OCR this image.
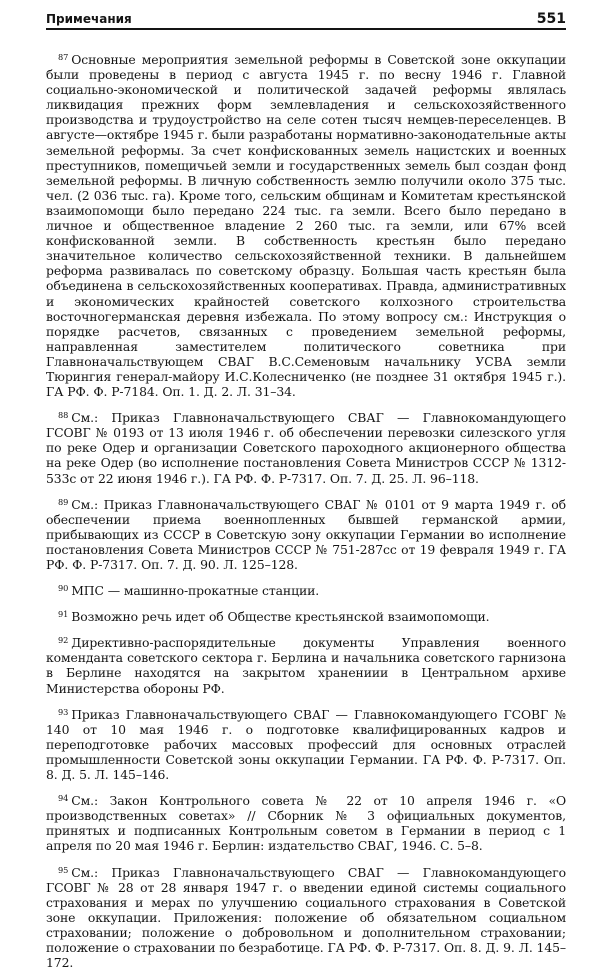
Примечания	551

$^{87}$ Основные мероприятия земельной реформы в Советской зоне оккупации были проведены в период с августа 1945 г. по весну 1946 г. Главной социально-экономической и политической задачей реформы являлась ликвидация прежних форм землевладения и сельскохозяйственного производства и трудоустройство на селе сотен тысяч немцев-переселенцев. В августе—октябре 1945 г. были разработаны нормативно-законодательные акты земельной реформы. За счет конфискованных земель нацистских и военных преступников, помещичьей земли и государственных земель был создан фонд земельной реформы. В личную собственность землю получили около 375 тыс. чел. (2 036 тыс. га). Кроме того, сельским общинам и Комитетам крестьянской взаимопомощи было передано 224 тыс. га земли. Всего было передано в личное и общественное владение 2 260 тыс. га земли, или 67% всей конфискованной земли. В собственность крестьян было передано значительное количество сельскохозяйственной техники. В дальнейшем реформа развивалась по советскому образцу. Большая часть крестьян была объединена в сельскохозяйственных кооперативах. Правда, административных и экономических крайностей советского колхозного строительства восточногерманская деревня избежала. По этому вопросу см.: Инструкция о порядке расчетов, связанных с проведением земельной реформы, направленная заместителем политического советника при Главноначальствующем СВАГ В.С.Семеновым начальнику УСВА земли Тюрингия генерал-майору И.С.Колесниченко (не позднее 31 октября 1945 г.). ГА РФ. Ф. Р-7184. Оп. 1. Д. 2. Л. 31–34.

$^{88}$ См.: Приказ Главноначальствующего СВАГ — Главнокомандующего ГСОВГ № 0193 от 13 июля 1946 г. об обеспечении перевозки силезского угля по реке Одер и организации Советского пароходного акционерного общества на реке Одер (во исполнение постановления Совета Министров СССР № 1312-533с от 22 июня 1946 г.). ГА РФ. Ф. Р-7317. Оп. 7. Д. 25. Л. 96–118.

$^{89}$ См.: Приказ Главноначальствующего СВАГ № 0101 от 9 марта 1949 г. об обеспечении приема военнопленных бывшей германской армии, прибывающих из СССР в Советскую зону оккупации Германии во исполнение постановления Совета Министров СССР № 751-287сс от 19 февраля 1949 г. ГА РФ. Ф. Р-7317. Оп. 7. Д. 90. Л. 125–128.

$^{90}$ МПС — машинно-прокатные станции.

$^{91}$ Возможно речь идет об Обществе крестьянской взаимопомощи.

$^{92}$ Директивно-распорядительные документы Управления военного коменданта советского сектора г. Берлина и начальника советского гарнизона в Берлине находятся на закрытом хранениии в Центральном архиве Министерства обороны РФ.

$^{93}$ Приказ Главноначальствующего СВАГ — Главнокомандующего ГСОВГ № 140 от 10 мая 1946 г. о подготовке квалифицированных кадров и переподготовке рабочих массовых профессий для основных отраслей промышленности Советской зоны оккупации Германии. ГА РФ. Ф. Р-7317. Оп. 8. Д. 5. Л. 145–146.

$^{94}$ См.: Закон Контрольного совета № 22 от 10 апреля 1946 г. «О производственных советах» // Сборник № 3 официальных документов, принятых и подписанных Контрольным советом в Германии в период с 1 апреля по 20 мая 1946 г. Берлин: издательство СВАГ, 1946. С. 5–8.

$^{95}$ См.: Приказ Главноначальствующего СВАГ — Главнокомандующего ГСОВГ № 28 от 28 января 1947 г. о введении единой системы социального страхования и мерах по улучшению социального страхования в Советской зоне оккупации. Приложения: положение об обязательном социальном страховании; положение о добровольном и дополнительном страховании; положение о страховании по безработице. ГА РФ. Ф. Р-7317. Оп. 8. Д. 9. Л. 145–172.
